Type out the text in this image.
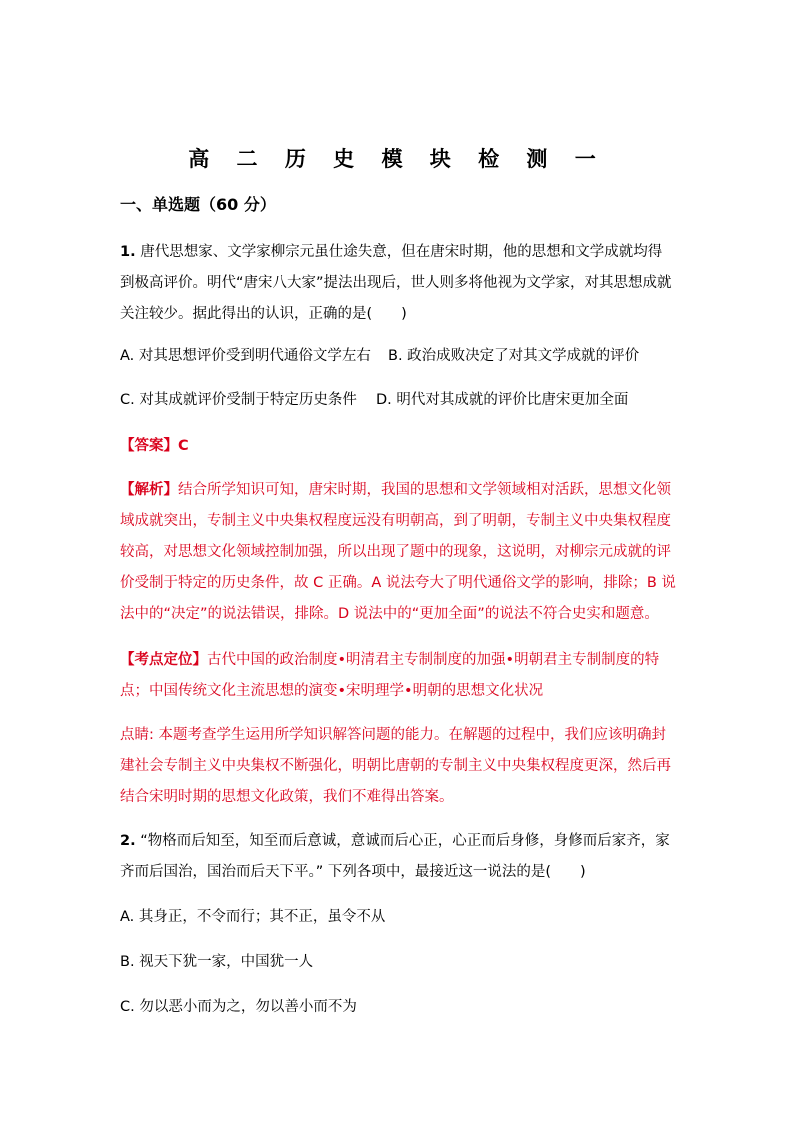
高 二 历 史 模 块 检 测 一
一、单选题（60 分）

1. 唐代思想家、文学家柳宗元虽仕途失意，但在唐宋时期，他的思想和文学成就均得到极高评价。明代“唐宋八大家”提法出现后，世人则多将他视为文学家，对其思想成就关注较少。据此得出的认识，正确的是(　　)

A. 对其思想评价受到明代通俗文学左右 B. 政治成败决定了对其文学成就的评价

C. 对其成就评价受制于特定历史条件 D. 明代对其成就的评价比唐宋更加全面

【答案】C

【解析】结合所学知识可知，唐宋时期，我国的思想和文学领域相对活跃，思想文化领域成就突出，专制主义中央集权程度远没有明朝高，到了明朝，专制主义中央集权程度较高，对思想文化领域控制加强，所以出现了题中的现象，这说明，对柳宗元成就的评价受制于特定的历史条件，故 C 正确。A 说法夸大了明代通俗文学的影响，排除；B 说法中的“决定”的说法错误，排除。D 说法中的“更加全面”的说法不符合史实和题意。

【考点定位】古代中国的政治制度•明清君主专制制度的加强•明朝君主专制制度的特点；中国传统文化主流思想的演变•宋明理学•明朝的思想文化状况

点睛: 本题考查学生运用所学知识解答问题的能力。在解题的过程中，我们应该明确封建社会专制主义中央集权不断强化，明朝比唐朝的专制主义中央集权程度更深，然后再结合宋明时期的思想文化政策，我们不难得出答案。

2. “物格而后知至，知至而后意诚，意诚而后心正，心正而后身修，身修而后家齐，家齐而后国治，国治而后天下平。” 下列各项中，最接近这一说法的是(　　)

A. 其身正，不令而行；其不正，虽令不从

B. 视天下犹一家，中国犹一人

C. 勿以恶小而为之，勿以善小而不为
